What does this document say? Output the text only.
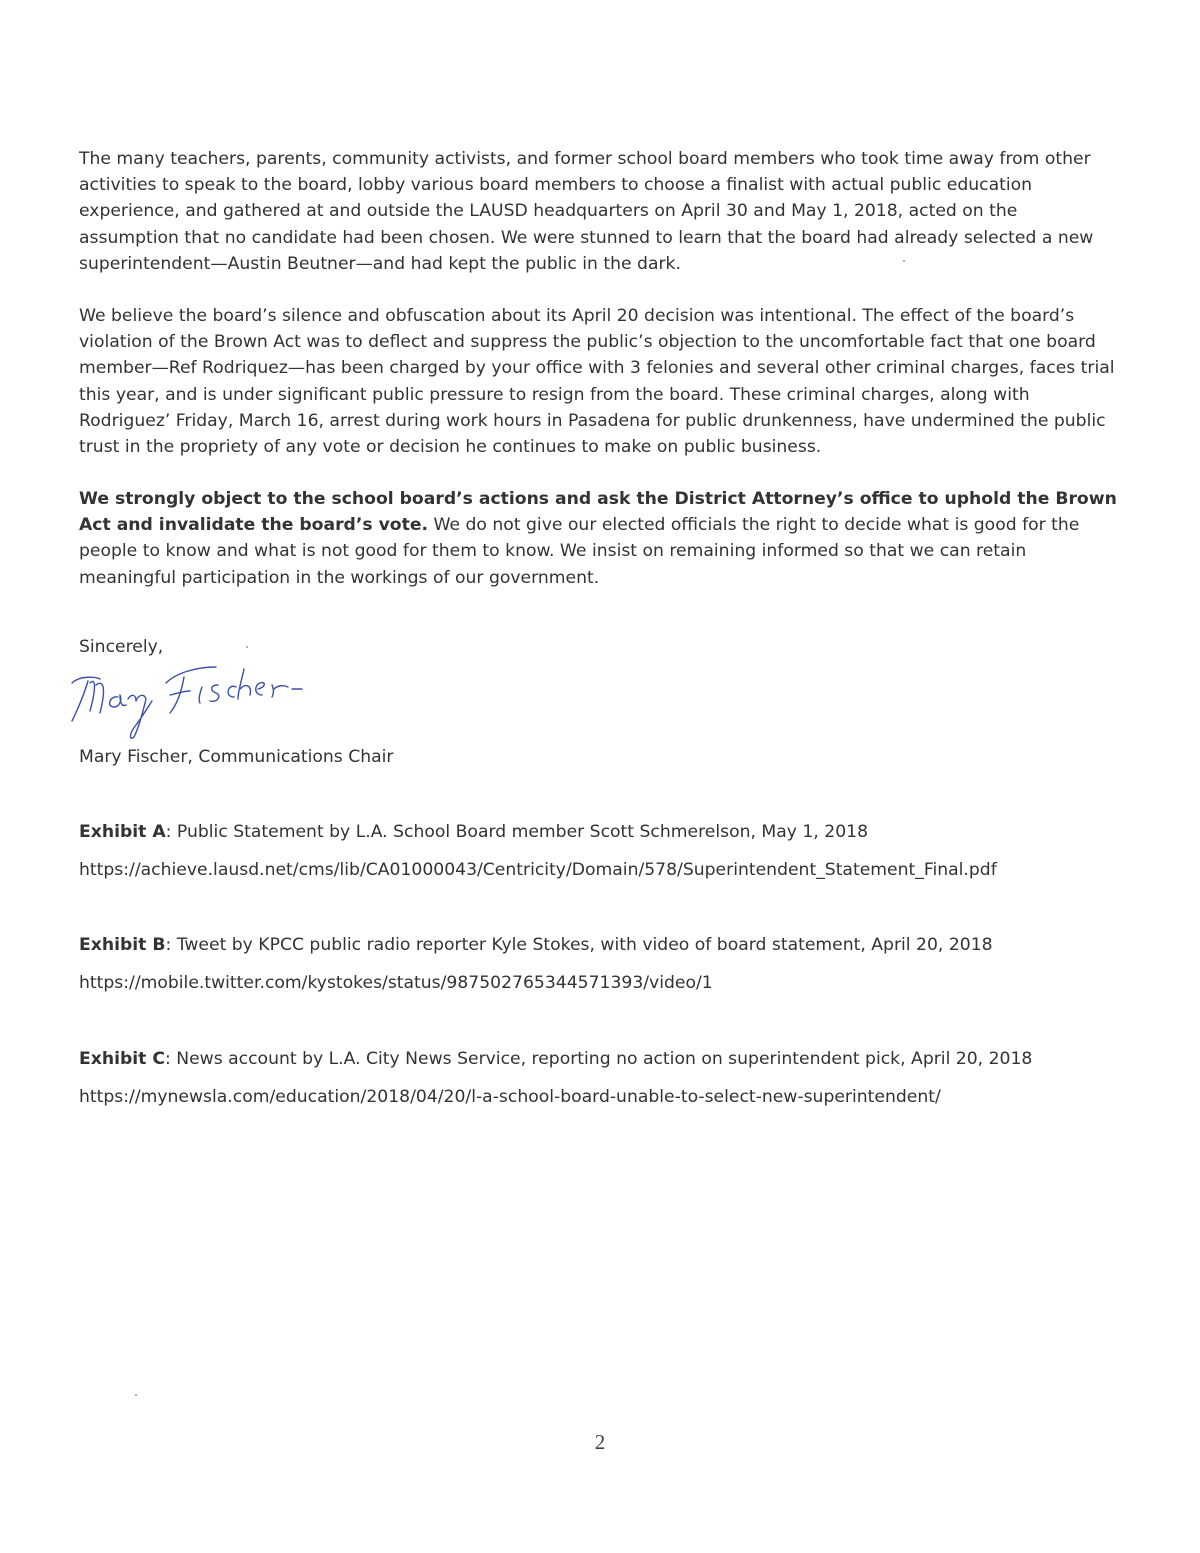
The many teachers, parents, community activists, and former school board members who took time away from other activities to speak to the board, lobby various board members to choose a finalist with actual public education experience, and gathered at and outside the LAUSD headquarters on April 30 and May 1, 2018, acted on the assumption that no candidate had been chosen. We were stunned to learn that the board had already selected a new superintendent—Austin Beutner—and had kept the public in the dark.

We believe the board’s silence and obfuscation about its April 20 decision was intentional. The effect of the board’s violation of the Brown Act was to deflect and suppress the public’s objection to the uncomfortable fact that one board member—Ref Rodriquez—has been charged by your office with 3 felonies and several other criminal charges, faces trial this year, and is under significant public pressure to resign from the board. These criminal charges, along with Rodriguez’ Friday, March 16, arrest during work hours in Pasadena for public drunkenness, have undermined the public trust in the propriety of any vote or decision he continues to make on public business.

We strongly object to the school board’s actions and ask the District Attorney’s office to uphold the Brown Act and invalidate the board’s vote. We do not give our elected officials the right to decide what is good for the people to know and what is not good for them to know. We insist on remaining informed so that we can retain meaningful participation in the workings of our government.

Sincerely,
Mary Fischer, Communications Chair
Exhibit A: Public Statement by L.A. School Board member Scott Schmerelson, May 1, 2018
https://achieve.lausd.net/cms/lib/CA01000043/Centricity/Domain/578/Superintendent_Statement_Final.pdf
Exhibit B: Tweet by KPCC public radio reporter Kyle Stokes, with video of board statement, April 20, 2018
https://mobile.twitter.com/kystokes/status/987502765344571393/video/1
Exhibit C: News account by L.A. City News Service, reporting no action on superintendent pick, April 20, 2018
https://mynewsla.com/education/2018/04/20/l-a-school-board-unable-to-select-new-superintendent/
2
